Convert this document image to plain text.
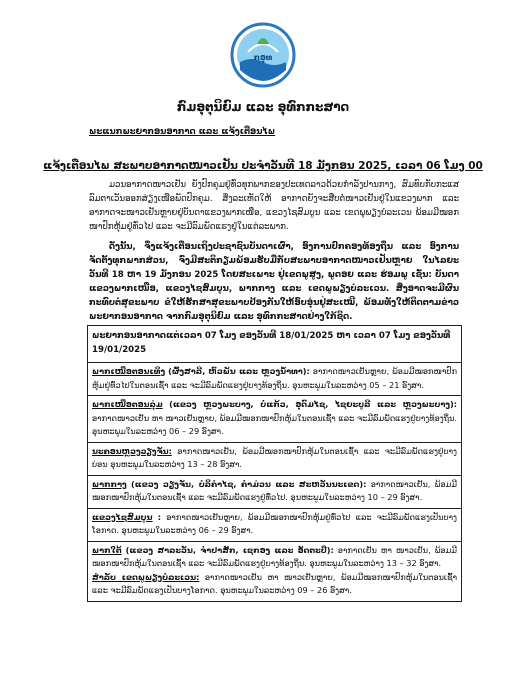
ກອຸທ
ກົມອຸຕຸນິຍົມ ແລະ ອຸທົກກະສາດ
ພະແນກພະຍາກອນອາກາດ ແລະ ແຈ້ງເຕືອນໄພ
ແຈ້ງເຕືອນໄພ ສະພາບອາກາດໜາວເຢັນ ປະຈຳວັນທີ 18 ມັງກອນ 2025, ເວລາ 06 ໂມງ 00

ມວນອາກາດໜາວເຢັນ ຍັງປົກຄຸມຢູ່ທົ່ວທຸກພາກຂອງປະເທດລາວດ້ວຍກຳລັງປານກາງ, ສົມທົບກັບກະແສລົມຕາເວັນອອກສ່ຽງເໜືອພັດປົກຄຸມ. ສິ່ງລະເຫັດໃຫ້ ອາກາດຍັງຈະສືບຕໍ່ໜາວເຢັນຢູ່ໃນແຂວງພາກ ແລະ ອາກາດຈະໜາວເຢັນຫຼາຍຢູ່ບັນດາແຂວງພາກເໜືອ, ແຂວງໄຊສົມບູນ ແລະ ເຂດພູພຽງບໍລະເວນ ພ້ອມມີໝອກໜາປົກຫຸ້ມຢູ່ທົ່ວໄປ ແລະ ຈະມີລົມພັດແຮງຢູ່ໃນແຕ່ລະພາກ.

ດັ່ງນັ້ນ, ຈຶ່ງແຈ້ງເຕືອນເຖິງປະຊາຊົນບັນດາເຜົ່າ, ອົງການປົກຄອງທ້ອງຖິ່ນ ແລະ ອົງການຈັດຕັ້ງທຸກພາກສ່ວນ, ຈົ່ງມີສະຕິກຽມພ້ອມຮັບມືກັບສະພາບອາກາດໜາວເຢັນຫຼາຍ ໃນໄລຍະວັນທີ 18 ຫາ 19 ມັງກອນ 2025 ໂດຍສະເພາະ ຢູ່ເຂດພູສູງ, ພູດອຍ ແລະ ຮ່ອມພູ ເຊັ່ນ: ບັນດາແຂວງພາກເໜືອ, ແຂວງໄຊສົມບູນ, ພາກກາງ ແລະ ເຂດພູພຽງບໍລະເວນ. ສິ່ງອາດຈະມີຜົນກະທົບຕໍ່ສຸຂະພາບ ຂໍໃຫ້ຮັກສາສຸຂະພາບປ້ອງກັນໃຫ້ອົບອຸ່ນຢູ່ສະເໝີ, ພ້ອມທັງໃຫ້ຕິດຕາມຂ່າວພະຍາກອນອາກາດ ຈາກກົມອຸຕຸນິຍົມ ແລະ ອຸທົກກະສາດຢ່າງໃກ້ຊິດ.

ພະຍາກອນອາກາດແຕ່ເວລາ 07 ໂມງ ຂອງວັນທີ 18/01/2025 ຫາ ເວລາ 07 ໂມງ ຂອງວັນທີ 19/01/2025
ພາກເໜືອຕອນເທິງ (ຜົ້ງສາລີ, ຫົວພັນ ແລະ ຫຼວງນ້ຳທາ): ອາກາດໜາວເຢັນຫຼາຍ, ພ້ອມມີໝອກໜາປົກຫຸ້ມຢູ່ທົ່ວໄປໃນຕອນເຊົ້າ ແລະ ຈະມີລົມພັດແຮງຢູ່ບາງທ້ອງຖິ່ນ. ອຸນຫະພູມໃນລະຫວ່າງ 05 – 21 ອົງສາ.
ພາກເໜືອຕອນລຸ່ມ (ແຂວງ ຫຼວງພະບາງ, ບໍ່ແກ້ວ, ອຸດົມໄຊ, ໄຊຍະບູລີ ແລະ ຫຼວງພະບາງ): ອາກາດໜາວເຢັນ ຫາ ໜາວເຢັນຫຼາຍ, ພ້ອມມີໝອກໜາປົກຫຸ້ມໃນຕອນເຊົ້າ ແລະ ຈະມີລົມພັດແຮງຢູ່ບາງທ້ອງຖິ່ນ. ອຸນຫະພູມໃນລະຫວ່າງ 06 – 29 ອົງສາ.
ນະຄອນຫຼວງວຽງຈັນ: ອາກາດໜາວເຢັນ, ພ້ອມມີໝອກໜາປົກຫຸ້ມໃນຕອນເຊົ້າ ແລະ ຈະມີລົມພັດແຮງຢູ່ບາງບ່ອນ ອຸນຫະພູມໃນລະຫວ່າງ 13 – 28 ອົງສາ.
ພາກກາງ (ແຂວງ ວຽງຈັນ, ບໍລິຄຳໄຊ, ຄຳມ່ວນ ແລະ ສະຫວັນນະເຂດ): ອາກາດໜາວເຢັນ, ພ້ອມມີໝອກໜາປົກຫຸ້ມໃນຕອນເຊົ້າ ແລະ ຈະມີລົມພັດແຮງຢູ່ທົ່ວໄປ. ອຸນຫະພູມໃນລະຫວ່າງ 10 – 29 ອົງສາ.
ແຂວງໄຊສົມບູນ : ອາກາດໜາວເຢັນຫຼາຍ, ພ້ອມມີໝອກໜາປົກຫຸ້ມຢູ່ທົ່ວໄປ ແລະ ຈະມີລົມພັດແຮງເປັນບາງໂອກາດ. ອຸນຫະພູມໃນລະຫວ່າງ 06 – 29 ອົງສາ.
ພາກໃຕ້ (ແຂວງ ສາລະວັນ, ຈຳປາສັກ, ເຊກອງ ແລະ ອັດຕະປື): ອາກາດເຢັນ ຫາ ໜາວເຢັນ, ພ້ອມມີໝອກໜາປົກຫຸ້ມໃນຕອນເຊົ້າ ແລະ ຈະມີລົມພັດແຮງຢູ່ບາງທ້ອງຖິ່ນ. ອຸນຫະພູມໃນລະຫວ່າງ 13 – 32 ອົງສາ.
ສຳລັບ ເຂດພູພຽງບໍລະເວນ: ອາກາດໜາວເຢັນ ຫາ ໜາວເຢັນຫຼາຍ, ພ້ອມມີໝອກໜາປົກຫຸ້ມໃນຕອນເຊົ້າ ແລະ ຈະມີລົມພັດແຮງເປັນບາງໂອກາດ. ອຸນຫະພູມໃນລະຫວ່າງ 09 – 26 ອົງສາ.
